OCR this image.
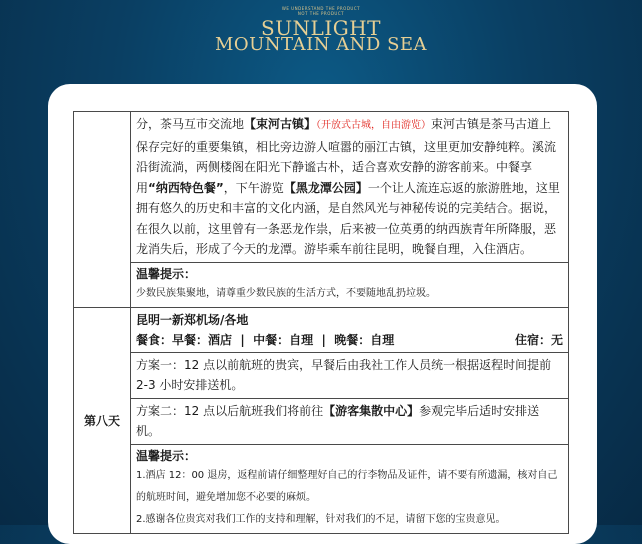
WE UNDERSTAND THE PRODUCT
NOT THE PRODUCT
SUNLIGHT
MOUNTAIN AND SEA

	分，茶马互市交流地【束河古镇】（开放式古城，自由游览）束河古镇是茶马古道上保存完好的重要集镇，相比旁边游人喧嚣的丽江古镇，这里更加安静纯粹。溪流沿街流淌，两侧楼阁在阳光下静谧古朴，适合喜欢安静的游客前来。中餐享用“纳西特色餐”，下午游览【黑龙潭公园】一个让人流连忘返的旅游胜地，这里拥有悠久的历史和丰富的文化内涵，是自然风光与神秘传说的完美结合。据说，在很久以前，这里曾有一条恶龙作祟，后来被一位英勇的纳西族青年所降服，恶龙消失后，形成了今天的龙潭。游毕乘车前往昆明，晚餐自理，入住酒店。

	温馨提示：

少数民族集聚地，请尊重少数民族的生活方式，不要随地乱扔垃圾。

第八天	昆明一新郑机场/各地
餐食：早餐：酒店  |  中餐：自理  |  晚餐：自理 住宿：无

	方案一：12 点以前航班的贵宾，早餐后由我社工作人员统一根据返程时间提前 2-3 小时安排送机。

	方案二：12 点以后航班我们将前往【游客集散中心】参观完毕后适时安排送机。

	温馨提示：

1.酒店 12：00 退房，返程前请仔细整理好自己的行李物品及证件，请不要有所遗漏，核对自己的航班时间，避免增加您不必要的麻烦。

2.感谢各位贵宾对我们工作的支持和理解，针对我们的不足，请留下您的宝贵意见。
